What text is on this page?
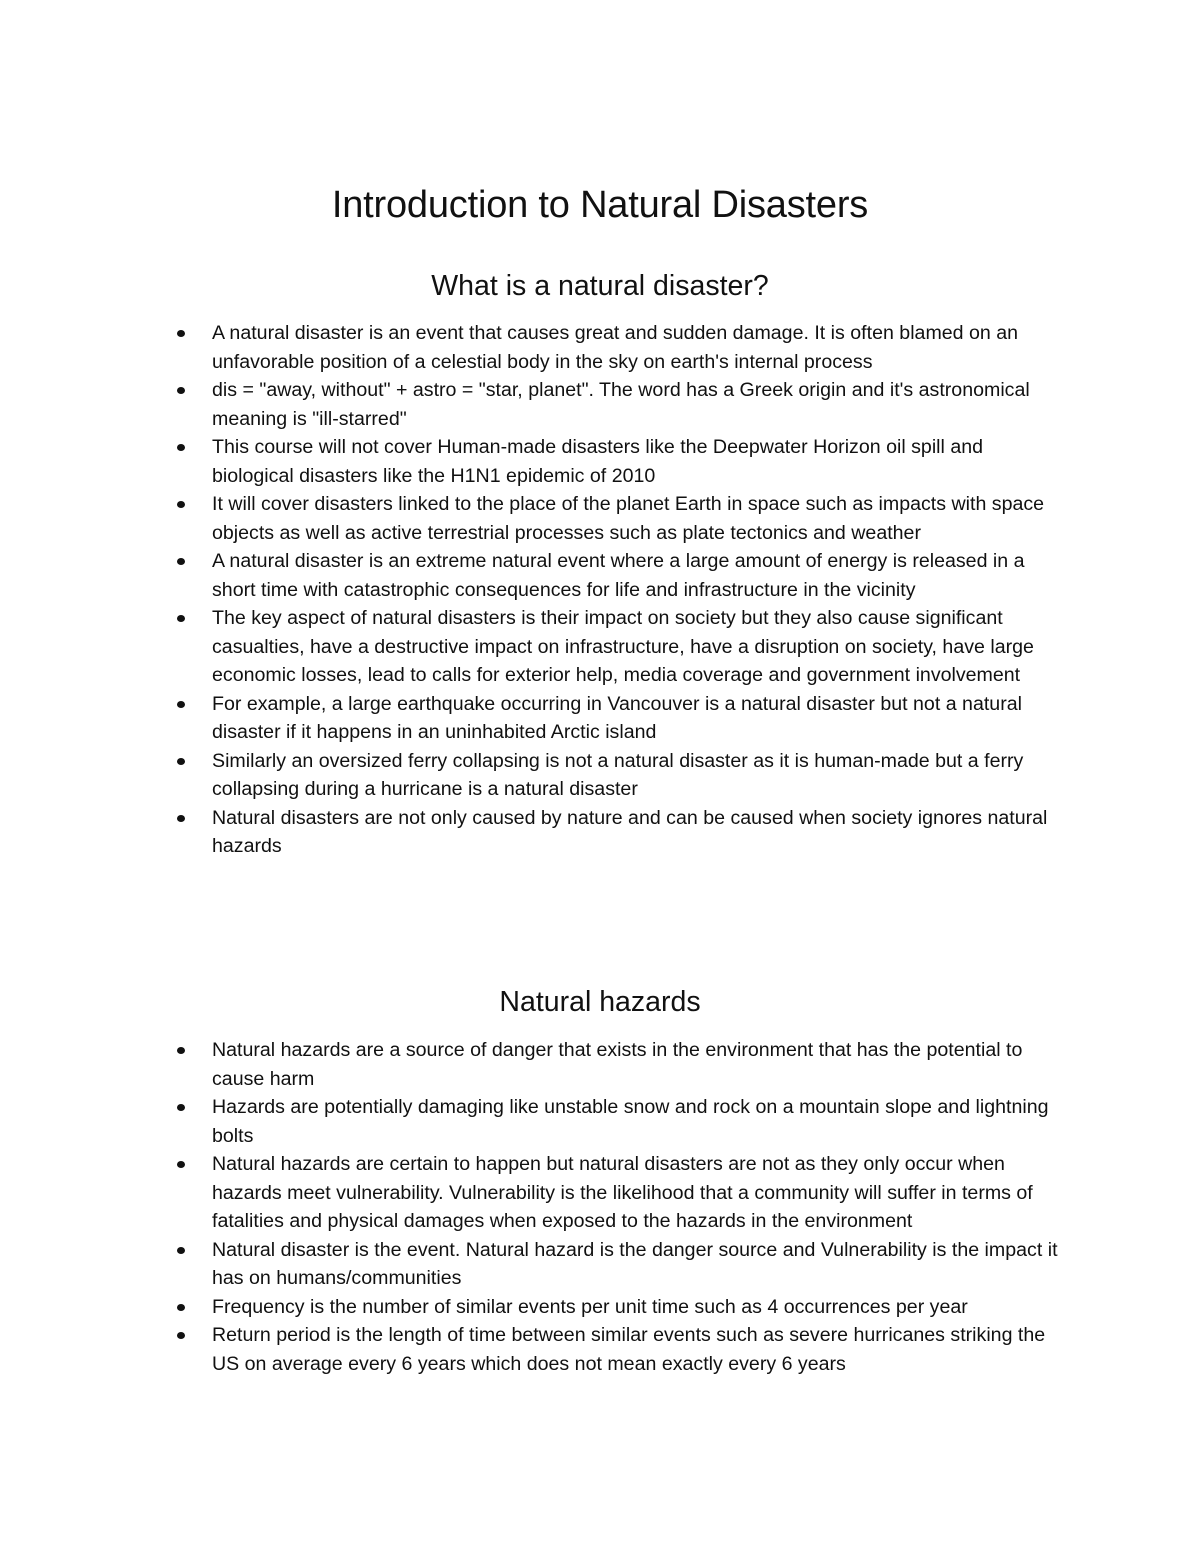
Introduction to Natural Disasters
What is a natural disaster?
A natural disaster is an event that causes great and sudden damage. It is often blamed on an unfavorable position of a celestial body in the sky on earth's internal process
dis = "away, without" + astro = "star, planet". The word has a Greek origin and it's astronomical meaning is "ill-starred"
This course will not cover Human-made disasters like the Deepwater Horizon oil spill and biological disasters like the H1N1 epidemic of 2010
It will cover disasters linked to the place of the planet Earth in space such as impacts with space objects as well as active terrestrial processes such as plate tectonics and weather
A natural disaster is an extreme natural event where a large amount of energy is released in a short time with catastrophic consequences for life and infrastructure in the vicinity
The key aspect of natural disasters is their impact on society but they also cause significant casualties, have a destructive impact on infrastructure, have a disruption on society, have large economic losses, lead to calls for exterior help, media coverage and government involvement
For example, a large earthquake occurring in Vancouver is a natural disaster but not a natural disaster if it happens in an uninhabited Arctic island
Similarly an oversized ferry collapsing is not a natural disaster as it is human-made but a ferry collapsing during a hurricane is a natural disaster
Natural disasters are not only caused by nature and can be caused when society ignores natural hazards
Natural hazards
Natural hazards are a source of danger that exists in the environment that has the potential to cause harm
Hazards are potentially damaging like unstable snow and rock on a mountain slope and lightning bolts
Natural hazards are certain to happen but natural disasters are not as they only occur when hazards meet vulnerability. Vulnerability is the likelihood that a community will suffer in terms of fatalities and physical damages when exposed to the hazards in the environment
Natural disaster is the event. Natural hazard is the danger source and Vulnerability is the impact it has on humans/communities
Frequency is the number of similar events per unit time such as 4 occurrences per year
Return period is the length of time between similar events such as severe hurricanes striking the US on average every 6 years which does not mean exactly every 6 years
